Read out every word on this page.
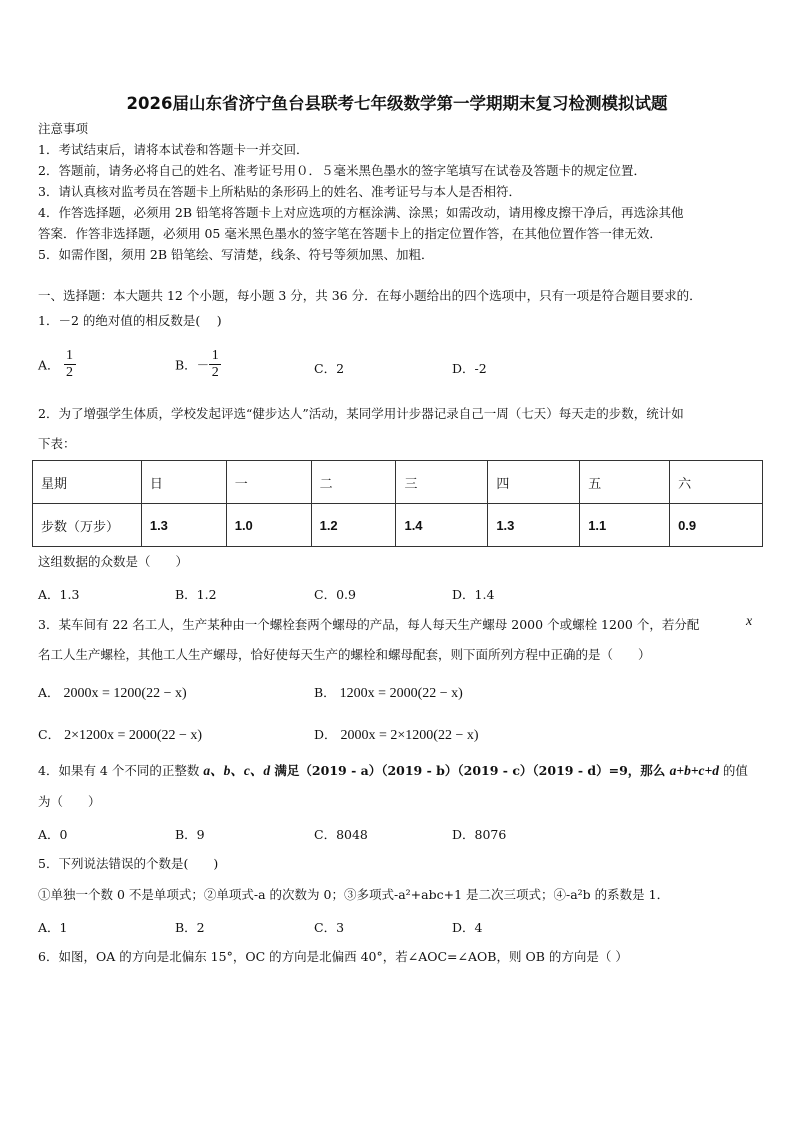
2026届山东省济宁鱼台县联考七年级数学第一学期期末复习检测模拟试题
注意事项
1．考试结束后，请将本试卷和答题卡一并交回．
2．答题前，请务必将自己的姓名、准考证号用０．５毫米黑色墨水的签字笔填写在试卷及答题卡的规定位置．
3．请认真核对监考员在答题卡上所粘贴的条形码上的姓名、准考证号与本人是否相符．
4．作答选择题，必须用 2B 铅笔将答题卡上对应选项的方框涂满、涂黑；如需改动，请用橡皮擦干净后，再选涂其他
答案．作答非选择题，必须用 05 毫米黑色墨水的签字笔在答题卡上的指定位置作答，在其他位置作答一律无效．
5．如需作图，须用 2B 铅笔绘、写清楚，线条、符号等须加黑、加粗．
一、选择题：本大题共 12 个小题，每小题 3 分，共 36 分．在每小题给出的四个选项中，只有一项是符合题目要求的．
1．－2 的绝对值的相反数是(　 )
A． $\frac{1}{2}$	B．－ $\frac{1}{2}$	C．2	D．-2
2．为了增强学生体质，学校发起评选“健步达人”活动，某同学用计步器记录自己一周（七天）每天走的步数，统计如
下表：
星期	日	一	二	三	四	五	六
步数（万步）	1.3	1.0	1.2	1.4	1.3	1.1	0.9
这组数据的众数是（　　）
A．1.3	B．1.2	C．0.9	D．1.4
3．某车间有 22 名工人，生产某种由一个螺栓套两个螺母的产品，每人每天生产螺母 2000 个或螺栓 1200 个，若分配	x
名工人生产螺栓，其他工人生产螺母，恰好使每天生产的螺栓和螺母配套，则下面所列方程中正确的是（　　）
A． 2000x = 1200(22 − x)	B． 1200x = 2000(22 − x)
C． 2×1200x = 2000(22 − x)	D． 2000x = 2×1200(22 − x)
4．如果有 4 个不同的正整数 a、b、c、d 满足（2019 - a）（2019 - b）（2019 - c）（2019 - d）=9，那么 a+b+c+d 的值
为（　　）
A．0	B．9	C．8048	D．8076
5．下列说法错误的个数是(　　)
①单独一个数 0 不是单项式；②单项式-a 的次数为 0；③多项式-a²+abc+1 是二次三项式；④-a²b 的系数是 1．
A．1	B．2	C．3	D．4
6．如图，OA 的方向是北偏东 15°，OC 的方向是北偏西 40°，若∠AOC=∠AOB，则 OB 的方向是（ ）
